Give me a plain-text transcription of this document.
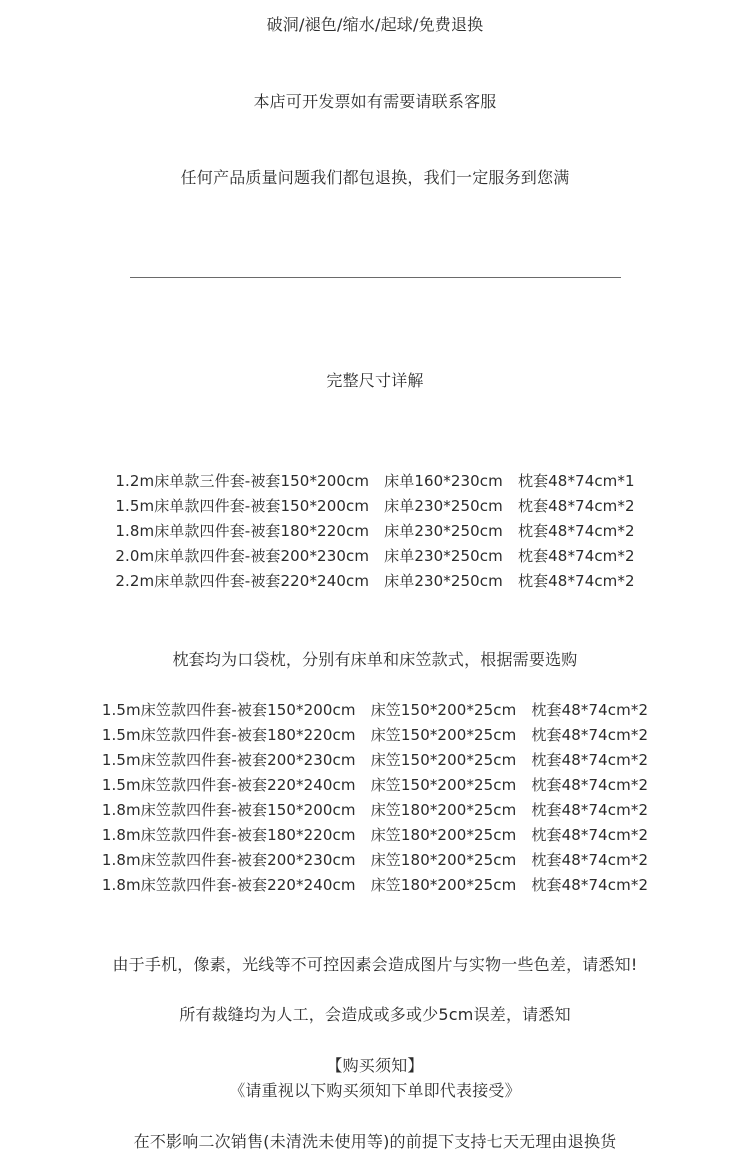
破洞/褪色/缩水/起球/免费退换
本店可开发票如有需要请联系客服
任何产品质量问题我们都包退换，我们一定服务到您满
完整尺寸详解
1.2m床单款三件套-被套150*200cm　床单160*230cm　枕套48*74cm*1
1.5m床单款四件套-被套150*200cm　床单230*250cm　枕套48*74cm*2
1.8m床单款四件套-被套180*220cm　床单230*250cm　枕套48*74cm*2
2.0m床单款四件套-被套200*230cm　床单230*250cm　枕套48*74cm*2
2.2m床单款四件套-被套220*240cm　床单230*250cm　枕套48*74cm*2
枕套均为口袋枕，分别有床单和床笠款式，根据需要选购
1.5m床笠款四件套-被套150*200cm　床笠150*200*25cm　枕套48*74cm*2
1.5m床笠款四件套-被套180*220cm　床笠150*200*25cm　枕套48*74cm*2
1.5m床笠款四件套-被套200*230cm　床笠150*200*25cm　枕套48*74cm*2
1.5m床笠款四件套-被套220*240cm　床笠150*200*25cm　枕套48*74cm*2
1.8m床笠款四件套-被套150*200cm　床笠180*200*25cm　枕套48*74cm*2
1.8m床笠款四件套-被套180*220cm　床笠180*200*25cm　枕套48*74cm*2
1.8m床笠款四件套-被套200*230cm　床笠180*200*25cm　枕套48*74cm*2
1.8m床笠款四件套-被套220*240cm　床笠180*200*25cm　枕套48*74cm*2
由于手机，像素，光线等不可控因素会造成图片与实物一些色差，请悉知!
所有裁缝均为人工，会造成或多或少5cm误差，请悉知
【购买须知】
《请重视以下购买须知下单即代表接受》
在不影响二次销售(未清洗未使用等)的前提下支持七天无理由退换货
